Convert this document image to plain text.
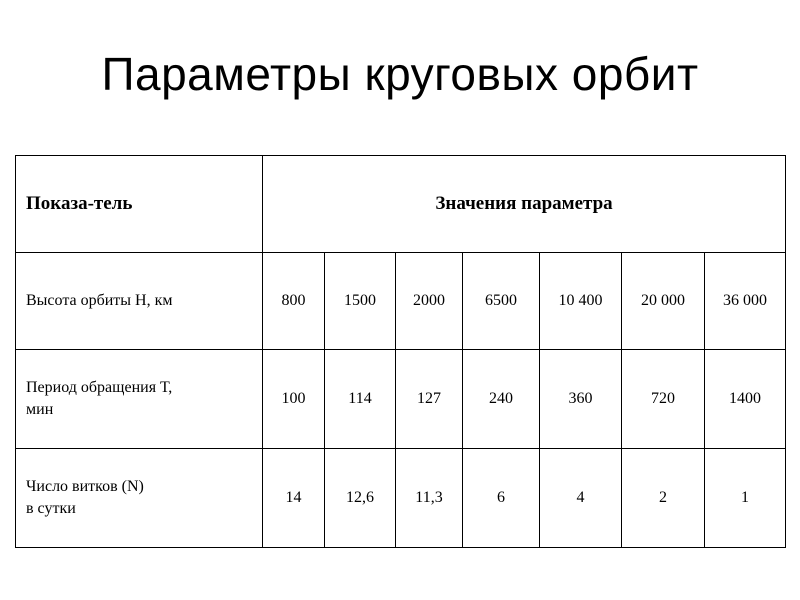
Параметры круговых орбит
Показа-тель	Значения параметра						
Высота орбиты H, км	800	1500	2000	6500	10 400	20 000	36 000
Период обращения Т,
мин	100	114	127	240	360	720	1400
Число витков (N)
в сутки	14	12,6	11,3	6	4	2	1
